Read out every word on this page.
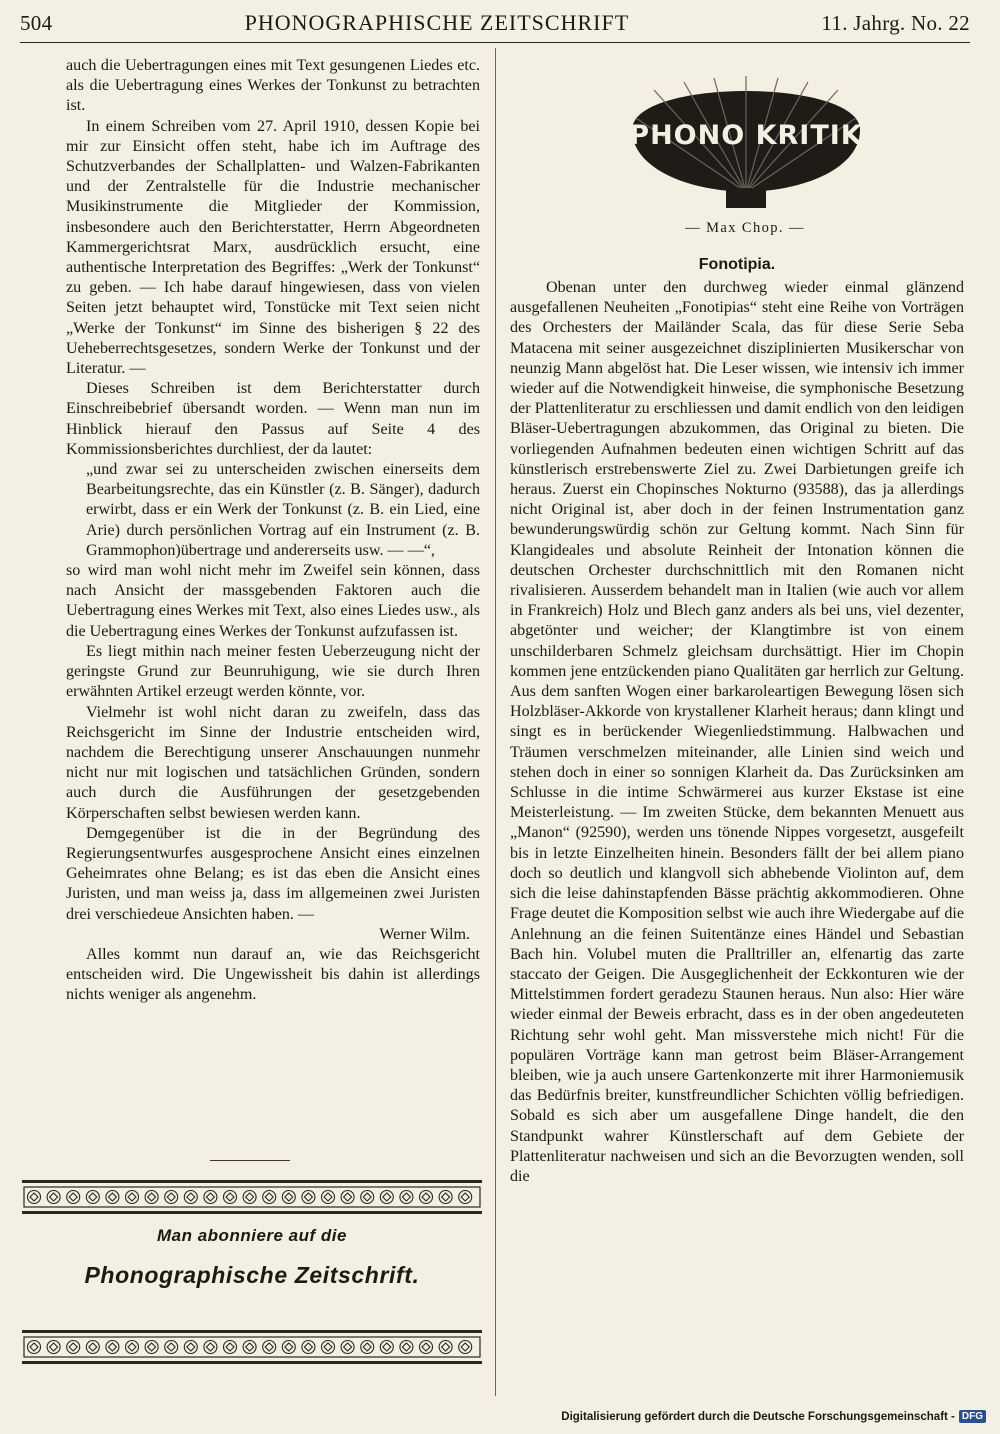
504	PHONOGRAPHISCHE ZEITSCHRIFT	11. Jahrg. No. 22

auch die Uebertragungen eines mit Text gesungenen Liedes etc. als die Uebertragung eines Werkes der Tonkunst zu betrachten ist.

In einem Schreiben vom 27. April 1910, dessen Kopie bei mir zur Einsicht offen steht, habe ich im Auftrage des Schutzverbandes der Schallplatten- und Walzen-Fabrikanten und der Zentralstelle für die Industrie mechanischer Musikinstrumente die Mitglieder der Kommission, insbesondere auch den Berichterstatter, Herrn Abgeordneten Kammergerichtsrat Marx, ausdrücklich ersucht, eine authentische Interpretation des Begriffes: „Werk der Tonkunst“ zu geben. — Ich habe darauf hingewiesen, dass von vielen Seiten jetzt behauptet wird, Tonstücke mit Text seien nicht „Werke der Tonkunst“ im Sinne des bisherigen § 22 des Ueheberrechtsgesetzes, sondern Werke der Tonkunst und der Literatur. —

Dieses Schreiben ist dem Berichterstatter durch Einschreibebrief übersandt worden. — Wenn man nun im Hinblick hierauf den Passus auf Seite 4 des Kommissionsberichtes durchliest, der da lautet:

„und zwar sei zu unterscheiden zwischen einerseits dem Bearbeitungsrechte, das ein Künstler (z. B. Sänger), dadurch erwirbt, dass er ein Werk der Tonkunst (z. B. ein Lied, eine Arie) durch persönlichen Vortrag auf ein Instrument (z. B. Grammophon)übertrage und andererseits usw. — —“,

so wird man wohl nicht mehr im Zweifel sein können, dass nach Ansicht der massgebenden Faktoren auch die Uebertragung eines Werkes mit Text, also eines Liedes usw., als die Uebertragung eines Werkes der Tonkunst aufzufassen ist.

Es liegt mithin nach meiner festen Ueberzeugung nicht der geringste Grund zur Beunruhigung, wie sie durch Ihren erwähnten Artikel erzeugt werden könnte, vor.

Vielmehr ist wohl nicht daran zu zweifeln, dass das Reichsgericht im Sinne der Industrie entscheiden wird, nachdem die Berechtigung unserer Anschauungen nunmehr nicht nur mit logischen und tatsächlichen Gründen, sondern auch durch die Ausführungen der gesetzgebenden Körperschaften selbst bewiesen werden kann.

Demgegenüber ist die in der Begründung des Regierungsentwurfes ausgesprochene Ansicht eines einzelnen Geheimrates ohne Belang; es ist das eben die Ansicht eines Juristen, und man weiss ja, dass im allgemeinen zwei Juristen drei verschiedeue Ansichten haben. —

Werner Wilm.

Alles kommt nun darauf an, wie das Reichsgericht entscheiden wird. Die Ungewissheit bis dahin ist allerdings nichts weniger als angenehm.

Man abonniere auf die
Phonographische Zeitschrift.
PHONO KRITIK
— Max Chop. —
Fonotipia.

Obenan unter den durchweg wieder einmal glänzend ausgefallenen Neuheiten „Fonotipias“ steht eine Reihe von Vorträgen des Orchesters der Mailänder Scala, das für diese Serie Seba Matacena mit seiner ausgezeichnet disziplinierten Musikerschar von neunzig Mann abgelöst hat. Die Leser wissen, wie intensiv ich immer wieder auf die Notwendigkeit hinweise, die symphonische Besetzung der Plattenliteratur zu erschliessen und damit endlich von den leidigen Bläser-Uebertragungen abzukommen, das Original zu bieten. Die vorliegenden Aufnahmen bedeuten einen wichtigen Schritt auf das künstlerisch erstrebenswerte Ziel zu. Zwei Darbietungen greife ich heraus. Zuerst ein Chopinsches Nokturno (93588), das ja allerdings nicht Original ist, aber doch in der feinen Instrumentation ganz bewunderungswürdig schön zur Geltung kommt. Nach Sinn für Klangideales und absolute Reinheit der Intonation können die deutschen Orchester durchschnittlich mit den Romanen nicht rivalisieren. Ausserdem behandelt man in Italien (wie auch vor allem in Frankreich) Holz und Blech ganz anders als bei uns, viel dezenter, abgetönter und weicher; der Klangtimbre ist von einem unschilderbaren Schmelz gleichsam durchsättigt. Hier im Chopin kommen jene entzückenden piano Qualitäten gar herrlich zur Geltung. Aus dem sanften Wogen einer barkaroleartigen Bewegung lösen sich Holzbläser-Akkorde von krystallener Klarheit heraus; dann klingt und singt es in berückender Wiegenliedstimmung. Halbwachen und Träumen verschmelzen miteinander, alle Linien sind weich und stehen doch in einer so sonnigen Klarheit da. Das Zurücksinken am Schlusse in die intime Schwärmerei aus kurzer Ekstase ist eine Meisterleistung. — Im zweiten Stücke, dem bekannten Menuett aus „Manon“ (92590), werden uns tönende Nippes vorgesetzt, ausgefeilt bis in letzte Einzelheiten hinein. Besonders fällt der bei allem piano doch so deutlich und klangvoll sich abhebende Violinton auf, dem sich die leise dahinstapfenden Bässe prächtig akkommodieren. Ohne Frage deutet die Komposition selbst wie auch ihre Wiedergabe auf die Anlehnung an die feinen Suitentänze eines Händel und Sebastian Bach hin. Volubel muten die Pralltriller an, elfenartig das zarte staccato der Geigen. Die Ausgeglichenheit der Eckkonturen wie der Mittelstimmen fordert geradezu Staunen heraus. Nun also: Hier wäre wieder einmal der Beweis erbracht, dass es in der oben angedeuteten Richtung sehr wohl geht. Man missverstehe mich nicht! Für die populären Vorträge kann man getrost beim Bläser-Arrangement bleiben, wie ja auch unsere Gartenkonzerte mit ihrer Harmoniemusik das Bedürfnis breiter, kunstfreundlicher Schichten völlig befriedigen. Sobald es sich aber um ausgefallene Dinge handelt, die den Standpunkt wahrer Künstlerschaft auf dem Gebiete der Plattenliteratur nachweisen und sich an die Bevorzugten wenden, soll die

Digitalisierung gefördert durch die Deutsche Forschungsgemeinschaft - DFG
